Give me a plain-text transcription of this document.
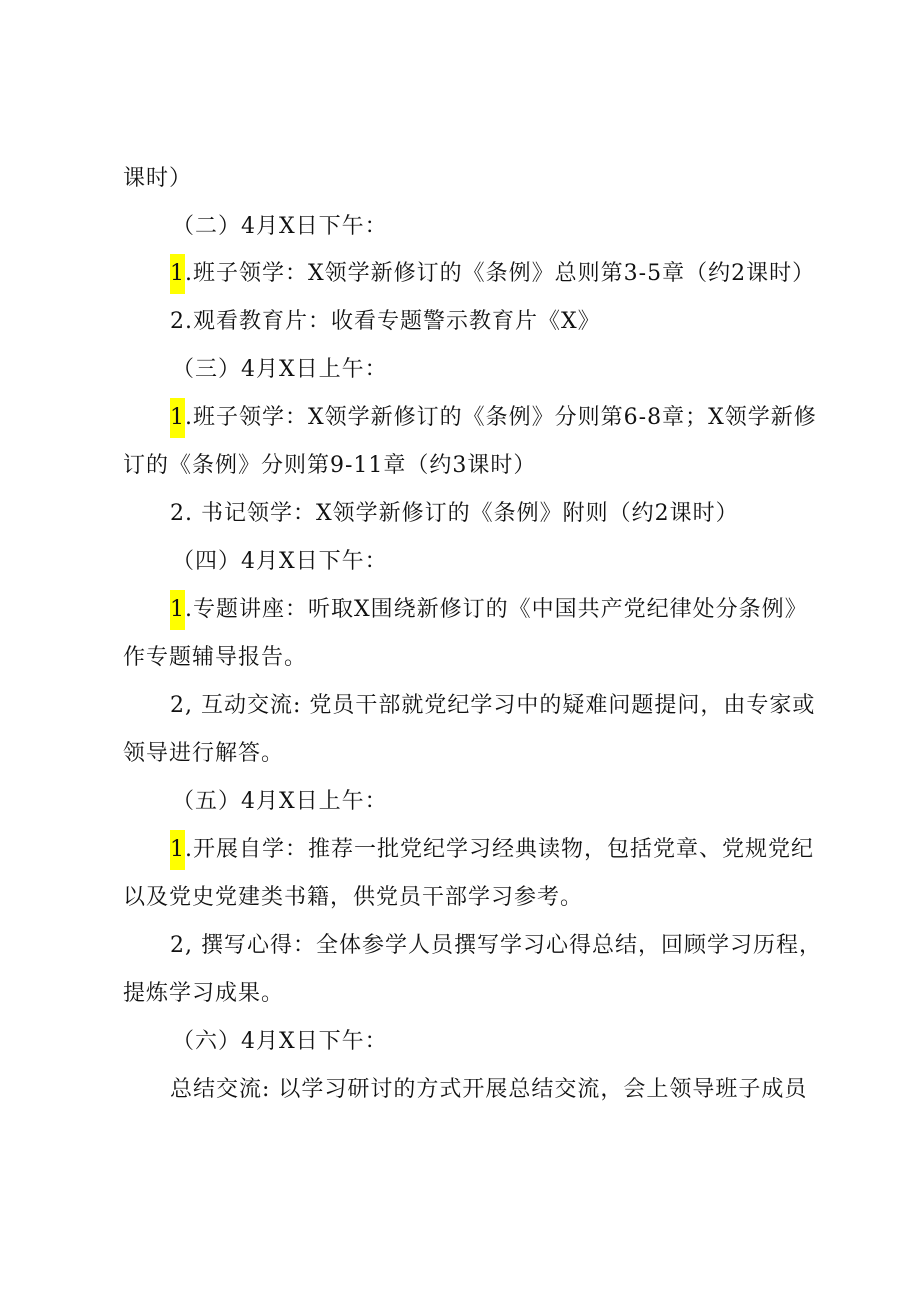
课时）
（二）4月X日下午：
1.班子领学：X领学新修订的《条例》总则第3-5章（约2课时）
2.观看教育片：收看专题警示教育片《X》
（三）4月X日上午：
1.班子领学：X领学新修订的《条例》分则第6-8章；X领学新修
订的《条例》分则第9-11章（约3课时）
2. 书记领学：X领学新修订的《条例》附则（约2课时）
（四）4月X日下午：
1.专题讲座：听取X围绕新修订的《中国共产党纪律处分条例》
作专题辅导报告。
2, 互动交流: 党员干部就党纪学习中的疑难问题提问，由专家或
领导进行解答。
（五）4月X日上午：
1.开展自学：推荐一批党纪学习经典读物，包括党章、党规党纪
以及党史党建类书籍，供党员干部学习参考。
2, 撰写心得：全体参学人员撰写学习心得总结，回顾学习历程，
提炼学习成果。
（六）4月X日下午：
总结交流: 以学习研讨的方式开展总结交流，会上领导班子成员
